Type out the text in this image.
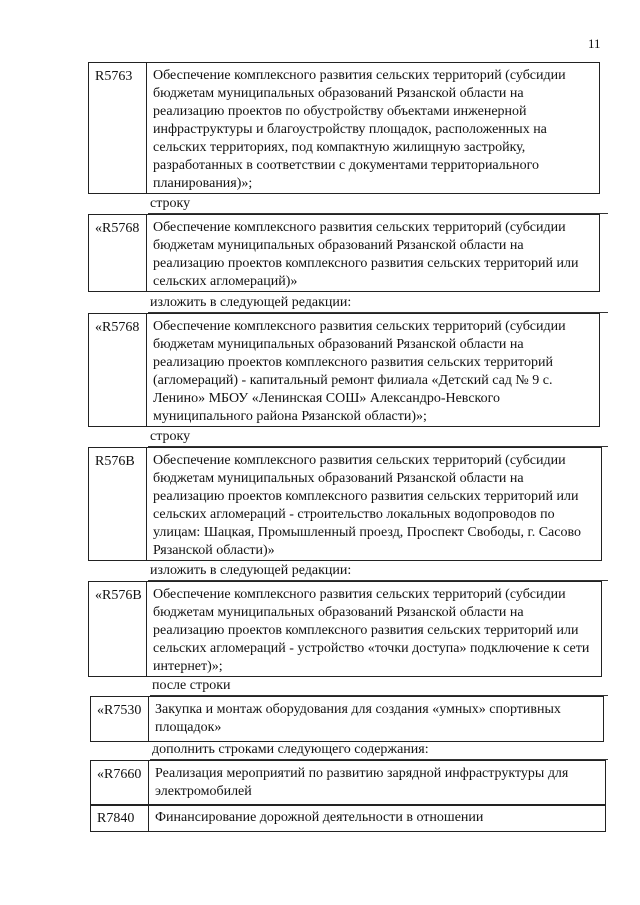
11
R5763	Обеспечение комплексного развития сельских территорий (субсидии бюджетам муниципальных образований Рязанской области на реализацию проектов по обустройству объектами инженерной инфраструктуры и благоустройству площадок, расположенных на сельских территориях, под компактную жилищную застройку, разработанных в соответствии с документами территориального планирования)»;
строку
«R5768 Обеспечение комплексного развития сельских территорий (субсидии бюджетам муниципальных образований Рязанской области на реализацию проектов комплексного развития сельских территорий или сельских агломераций)»
изложить в следующей редакции:
«R5768 Обеспечение комплексного развития сельских территорий (субсидии бюджетам муниципальных образований Рязанской области на реализацию проектов комплексного развития сельских территорий (агломераций) - капитальный ремонт филиала «Детский сад № 9 с. Ленино» МБОУ «Ленинская СОШ» Александро-Невского муниципального района Рязанской области)»;
строку
R576B	Обеспечение комплексного развития сельских территорий (субсидии бюджетам муниципальных образований Рязанской области на реализацию проектов комплексного развития сельских территорий или сельских агломераций - строительство локальных водопроводов по улицам: Шацкая, Промышленный проезд, Проспект Свободы, г. Сасово Рязанской области)»
изложить в следующей редакции:
«R576B Обеспечение комплексного развития сельских территорий (субсидии бюджетам муниципальных образований Рязанской области на реализацию проектов комплексного развития сельских территорий или сельских агломераций - устройство «точки доступа» подключение к сети интернет)»;
после строки
«R7530 Закупка и монтаж оборудования для создания «умных» спортивных площадок»
дополнить строками следующего содержания:
«R7660 Реализация мероприятий по развитию зарядной инфраструктуры для электромобилей
R7840	Финансирование дорожной деятельности в отношении
